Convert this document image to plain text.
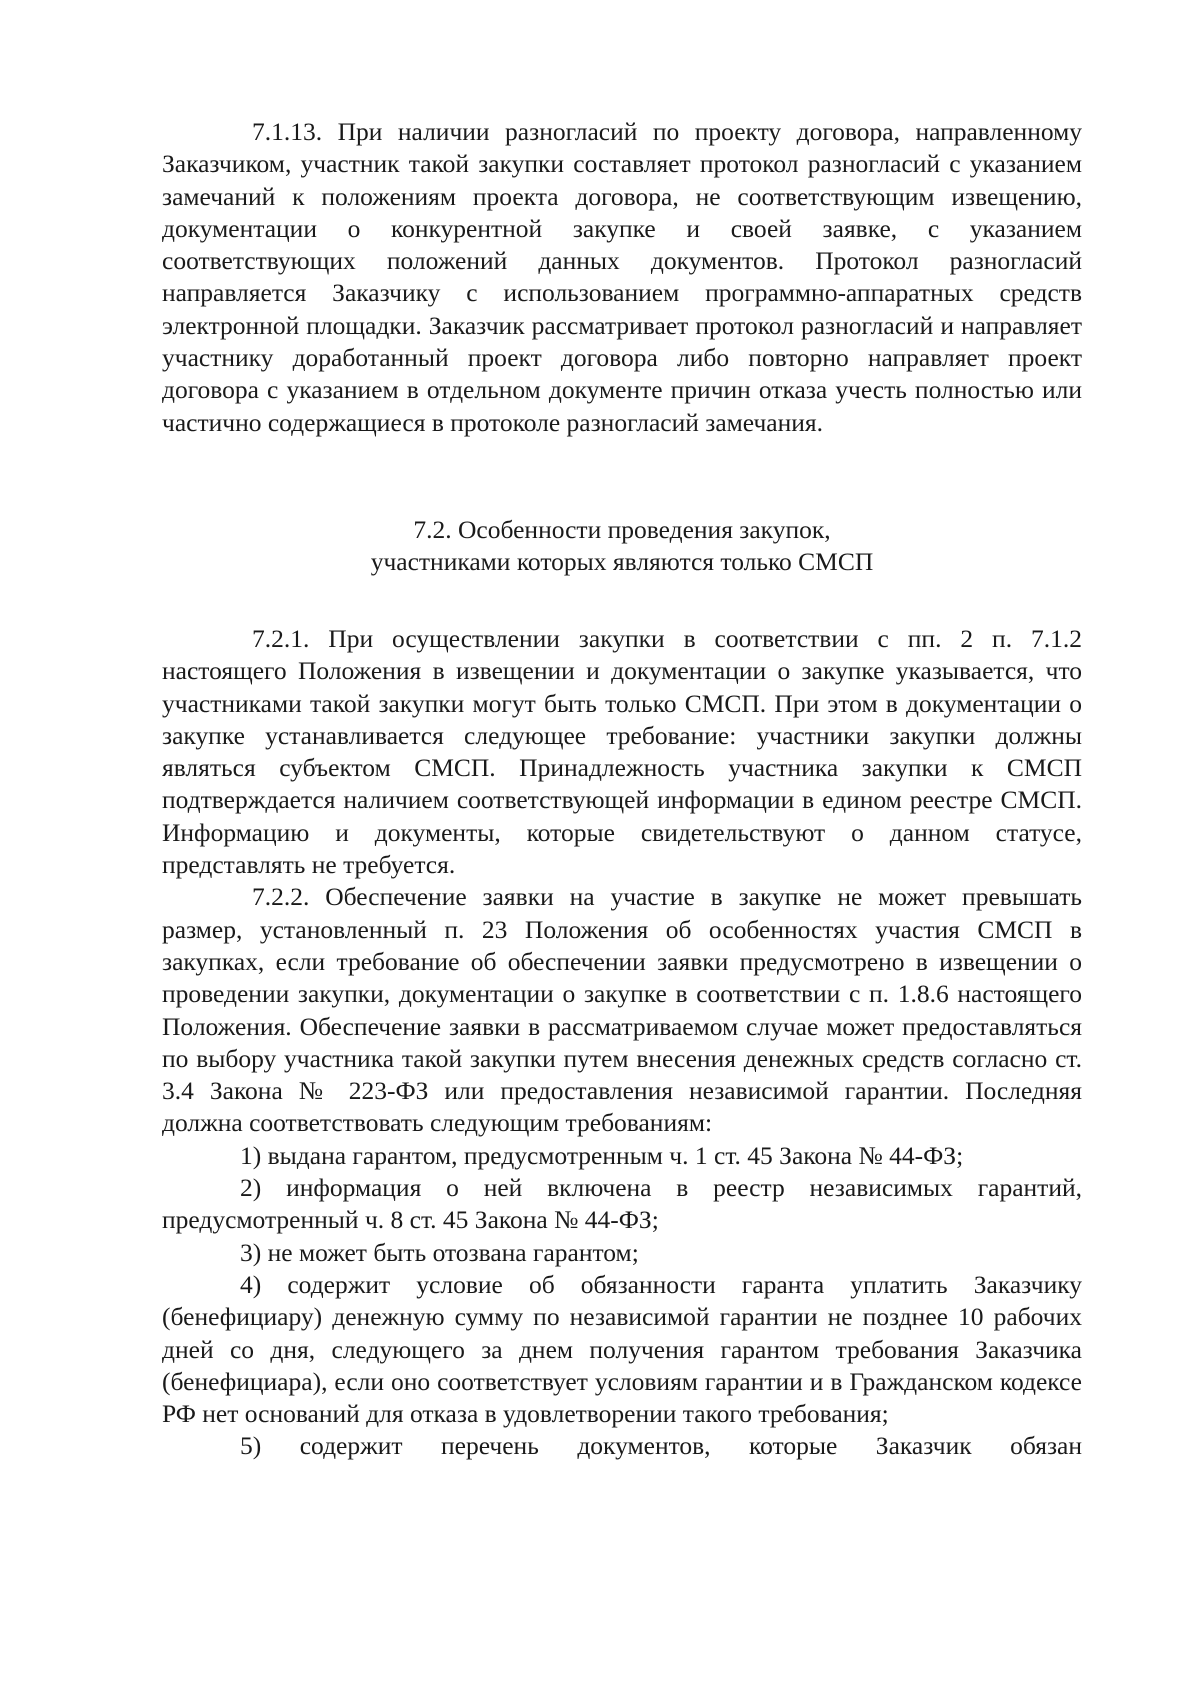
7.1.13. При наличии разногласий по проекту договора, направленному Заказчиком, участник такой закупки составляет протокол разногласий с указанием замечаний к положениям проекта договора, не соответствующим извещению, документации о конкурентной закупке и своей заявке, с указанием соответствующих положений данных документов. Протокол разногласий направляется Заказчику с использованием программно-аппаратных средств электронной площадки. Заказчик рассматривает протокол разногласий и направляет участнику доработанный проект договора либо повторно направляет проект договора с указанием в отдельном документе причин отказа учесть полностью или частично содержащиеся в протоколе разногласий замечания.

7.2. Особенности проведения закупок,
участниками которых являются только СМСП

7.2.1. При осуществлении закупки в соответствии с пп. 2 п. 7.1.2 настоящего Положения в извещении и документации о закупке указывается, что участниками такой закупки могут быть только СМСП. При этом в документации о закупке устанавливается следующее требование: участники закупки должны являться субъектом СМСП. Принадлежность участника закупки к СМСП подтверждается наличием соответствующей информации в едином реестре СМСП. Информацию и документы, которые свидетельствуют о данном статусе, представлять не требуется.

7.2.2. Обеспечение заявки на участие в закупке не может превышать размер, установленный п. 23 Положения об особенностях участия СМСП в закупках, если требование об обеспечении заявки предусмотрено в извещении о проведении закупки, документации о закупке в соответствии с п. 1.8.6 настоящего Положения. Обеспечение заявки в рассматриваемом случае может предоставляться по выбору участника такой закупки путем внесения денежных средств согласно ст. 3.4 Закона № 223-ФЗ или предоставления независимой гарантии. Последняя должна соответствовать следующим требованиям:

1) выдана гарантом, предусмотренным ч. 1 ст. 45 Закона № 44-ФЗ;

2) информация о ней включена в реестр независимых гарантий, предусмотренный ч. 8 ст. 45 Закона № 44-ФЗ;

3) не может быть отозвана гарантом;

4) содержит условие об обязанности гаранта уплатить Заказчику (бенефициару) денежную сумму по независимой гарантии не позднее 10 рабочих дней со дня, следующего за днем получения гарантом требования Заказчика (бенефициара), если оно соответствует условиям гарантии и в Гражданском кодексе РФ нет оснований для отказа в удовлетворении такого требования;

5) содержит перечень документов, которые Заказчик обязан
